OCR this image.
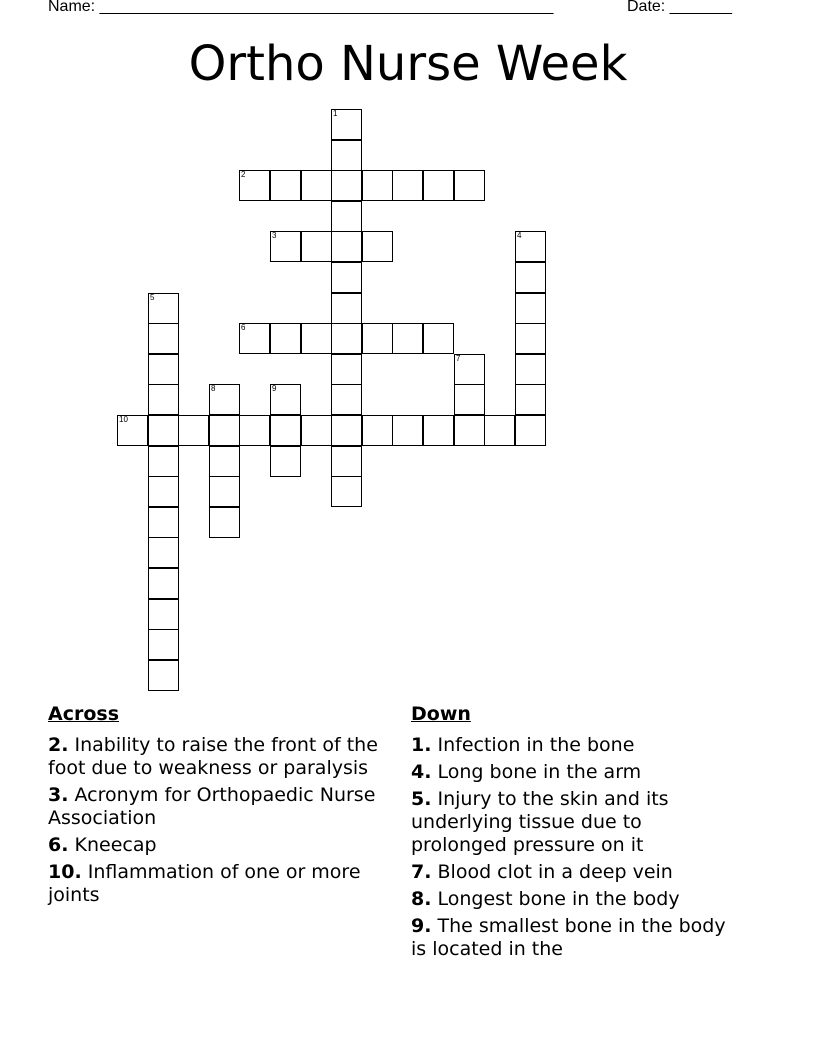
Name: ___________________________________________________	Date: _______
Ortho Nurse Week
1
2
3	4
5
6
7
8	9
10
Across
2. Inability to raise the front of the foot due to weakness or paralysis
3. Acronym for Orthopaedic Nurse Association
6. Kneecap
10. Inflammation of one or more joints
Down
1. Infection in the bone
4. Long bone in the arm
5. Injury to the skin and its underlying tissue due to prolonged pressure on it
7. Blood clot in a deep vein
8. Longest bone in the body
9. The smallest bone in the body is located in the
